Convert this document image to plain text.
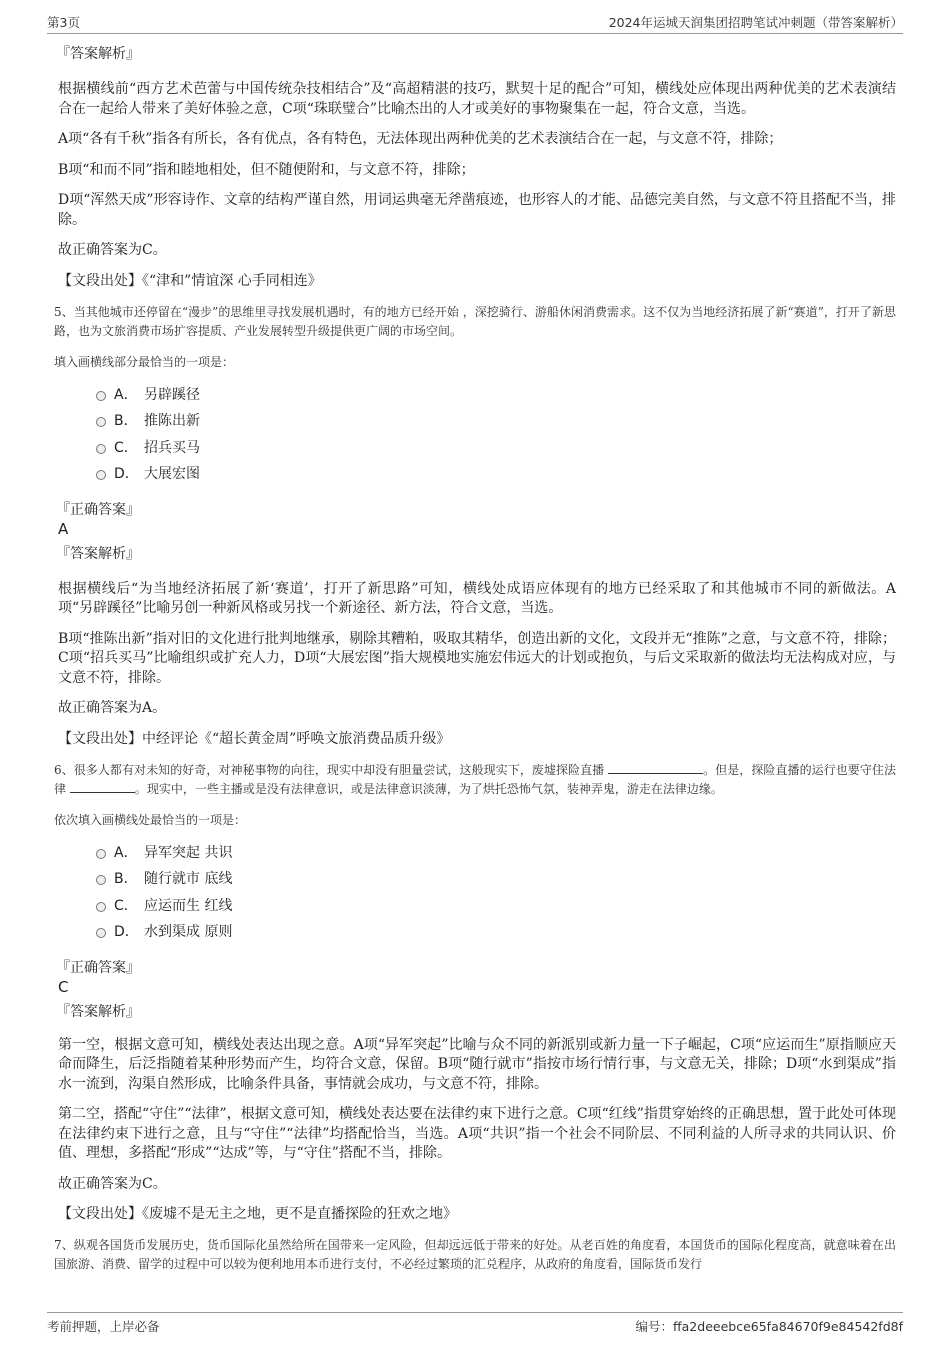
第3页	2024年运城天润集团招聘笔试冲刺题（带答案解析）
『答案解析』

根据横线前“西方艺术芭蕾与中国传统杂技相结合”及“高超精湛的技巧，默契十足的配合”可知，横线处应体现出两种优美的艺术表演结合在一起给人带来了美好体验之意，C项“珠联璧合”比喻杰出的人才或美好的事物聚集在一起，符合文意，当选。

A项“各有千秋”指各有所长，各有优点，各有特色，无法体现出两种优美的艺术表演结合在一起，与文意不符，排除；

B项“和而不同”指和睦地相处，但不随便附和，与文意不符，排除；

D项“浑然天成”形容诗作、文章的结构严谨自然，用词运典毫无斧凿痕迹，也形容人的才能、品德完美自然，与文意不符且搭配不当，排除。

故正确答案为C。

【文段出处】《“津和”情谊深 心手同相连》

5、当其他城市还停留在“漫步”的思维里寻找发展机遇时，有的地方已经开始 ，深挖骑行、游船休闲消费需求。这不仅为当地经济拓展了新“赛道”，打开了新思路，也为文旅消费市场扩容提质、产业发展转型升级提供更广阔的市场空间。

填入画横线部分最恰当的一项是：

A． 另辟蹊径
B． 推陈出新
C． 招兵买马
D． 大展宏图
『正确答案』
A
『答案解析』

根据横线后“为当地经济拓展了新‘赛道’，打开了新思路”可知，横线处成语应体现有的地方已经采取了和其他城市不同的新做法。A项“另辟蹊径”比喻另创一种新风格或另找一个新途径、新方法，符合文意，当选。

B项“推陈出新”指对旧的文化进行批判地继承，剔除其糟粕，吸取其精华，创造出新的文化，文段并无“推陈”之意，与文意不符，排除；C项“招兵买马”比喻组织或扩充人力，D项“大展宏图”指大规模地实施宏伟远大的计划或抱负，与后文采取新的做法均无法构成对应，与文意不符，排除。

故正确答案为A。

【文段出处】中经评论《“超长黄金周”呼唤文旅消费品质升级》

6、很多人都有对未知的好奇，对神秘事物的向往，现实中却没有胆量尝试，这般现实下，废墟探险直播	。但是，探险直播的运行也要守住法律	。现实中，一些主播或是没有法律意识，或是法律意识淡薄，为了烘托恐怖气氛，装神弄鬼，游走在法律边缘。

依次填入画横线处最恰当的一项是：

A． 异军突起 共识
B． 随行就市 底线
C． 应运而生 红线
D． 水到渠成 原则
『正确答案』
C
『答案解析』

第一空，根据文意可知，横线处表达出现之意。A项“异军突起”比喻与众不同的新派别或新力量一下子崛起，C项“应运而生”原指顺应天命而降生，后泛指随着某种形势而产生，均符合文意，保留。B项“随行就市”指按市场行情行事，与文意无关，排除；D项“水到渠成”指水一流到，沟渠自然形成，比喻条件具备，事情就会成功，与文意不符，排除。

第二空，搭配“守住”“法律”，根据文意可知，横线处表达要在法律约束下进行之意。C项“红线”指贯穿始终的正确思想，置于此处可体现在法律约束下进行之意，且与“守住”“法律”均搭配恰当，当选。A项“共识”指一个社会不同阶层、不同利益的人所寻求的共同认识、价值、理想，多搭配“形成”“达成”等，与“守住”搭配不当，排除。

故正确答案为C。

【文段出处】《废墟不是无主之地，更不是直播探险的狂欢之地》

7、纵观各国货币发展历史，货币国际化虽然给所在国带来一定风险，但却远远低于带来的好处。从老百姓的角度看，本国货币的国际化程度高，就意味着在出国旅游、消费、留学的过程中可以较为便利地用本币进行支付，不必经过繁琐的汇兑程序，从政府的角度看，国际货币发行

考前押题，上岸必备	编号：ffa2deeebce65fa84670f9e84542fd8f
